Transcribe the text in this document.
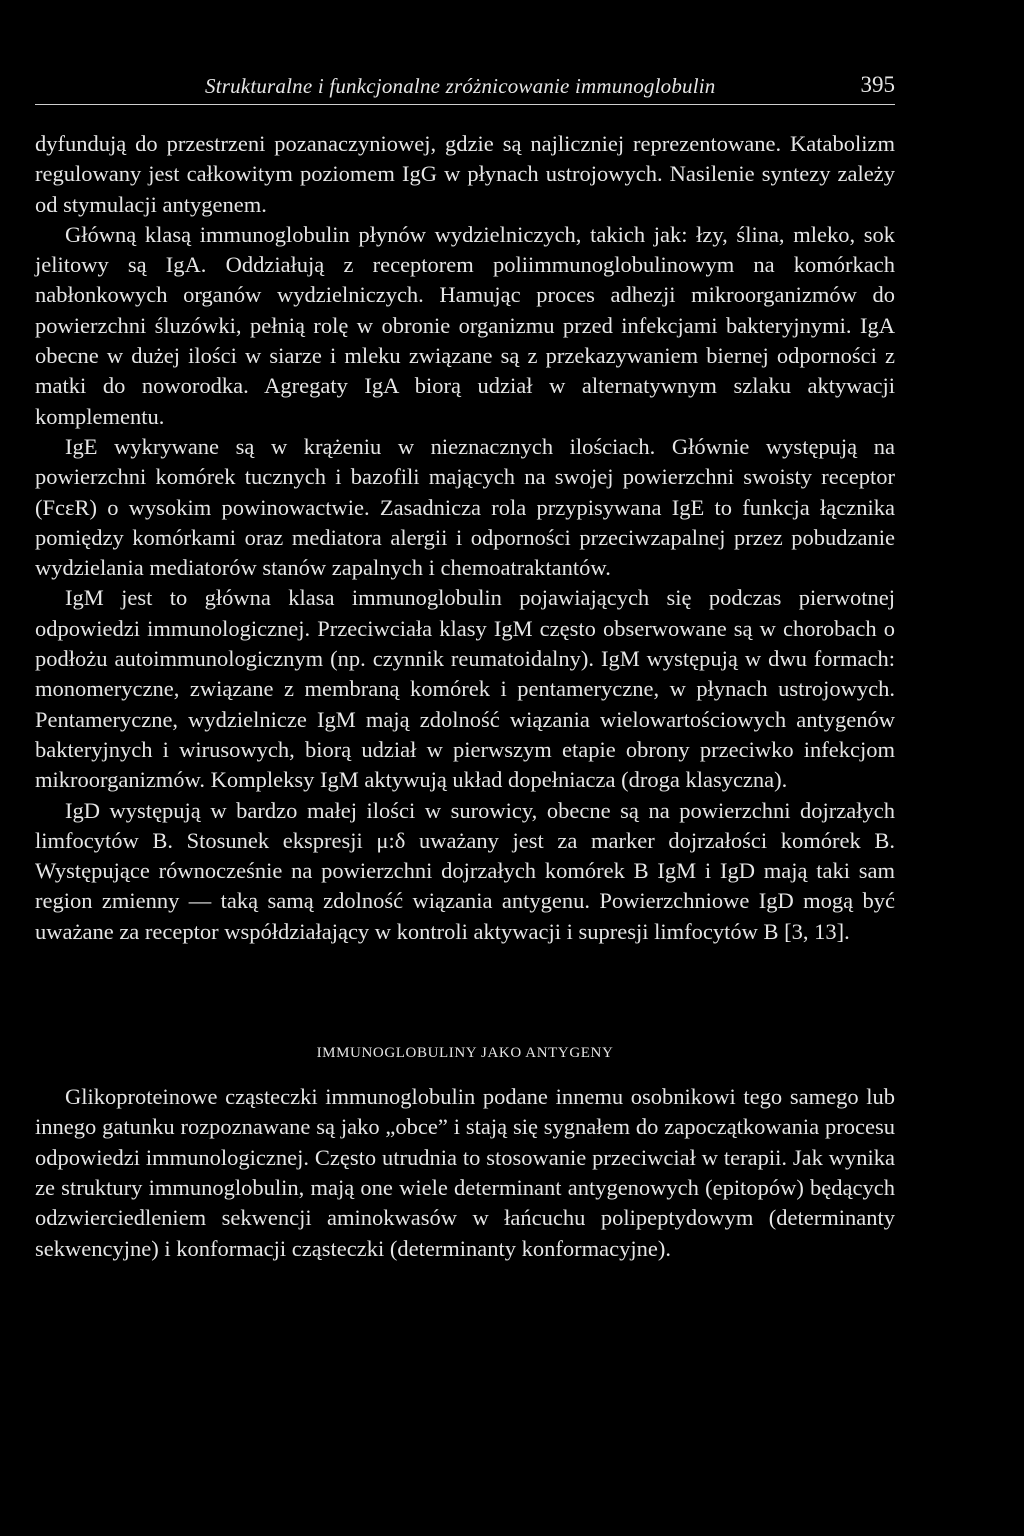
Strukturalne i funkcjonalne zróżnicowanie immunoglobulin	395

dyfundują do przestrzeni pozanaczyniowej, gdzie są najliczniej reprezentowane. Katabolizm regulowany jest całkowitym poziomem IgG w płynach ustrojowych. Nasilenie syntezy zależy od stymulacji antygenem.

Główną klasą immunoglobulin płynów wydzielniczych, takich jak: łzy, ślina, mleko, sok jelitowy są IgA. Oddziałują z receptorem poliimmunoglobulinowym na komórkach nabłonkowych organów wydzielniczych. Hamując proces adhezji mikroorganizmów do powierzchni śluzówki, pełnią rolę w obronie organizmu przed infekcjami bakteryjnymi. IgA obecne w dużej ilości w siarze i mleku związane są z przekazywaniem biernej odporności z matki do noworodka. Agregaty IgA biorą udział w alternatywnym szlaku aktywacji komplementu.

IgE wykrywane są w krążeniu w nieznacznych ilościach. Głównie występują na powierzchni komórek tucznych i bazofili mających na swojej powierzchni swoisty receptor (FcεR) o wysokim powinowactwie. Zasadnicza rola przypisywana IgE to funkcja łącznika pomiędzy komórkami oraz mediatora alergii i odporności przeciwzapalnej przez pobudzanie wydzielania mediatorów stanów zapalnych i chemoatraktantów.

IgM jest to główna klasa immunoglobulin pojawiających się podczas pierwotnej odpowiedzi immunologicznej. Przeciwciała klasy IgM często obserwowane są w chorobach o podłożu autoimmunologicznym (np. czynnik reumatoidalny). IgM występują w dwu formach: monomeryczne, związane z membraną komórek i pentameryczne, w płynach ustrojowych. Pentameryczne, wydzielnicze IgM mają zdolność wiązania wielowartościowych antygenów bakteryjnych i wirusowych, biorą udział w pierwszym etapie obrony przeciwko infekcjom mikroorganizmów. Kompleksy IgM aktywują układ dopełniacza (droga klasyczna).

IgD występują w bardzo małej ilości w surowicy, obecne są na powierzchni dojrzałych limfocytów B. Stosunek ekspresji μ:δ uważany jest za marker dojrzałości komórek B. Występujące równocześnie na powierzchni dojrzałych komórek B IgM i IgD mają taki sam region zmienny — taką samą zdolność wiązania antygenu. Powierzchniowe IgD mogą być uważane za receptor współdziałający w kontroli aktywacji i supresji limfocytów B [3, 13].

IMMUNOGLOBULINY JAKO ANTYGENY

Glikoproteinowe cząsteczki immunoglobulin podane innemu osobnikowi tego samego lub innego gatunku rozpoznawane są jako „obce” i stają się sygnałem do zapoczątkowania procesu odpowiedzi immunologicznej. Często utrudnia to stosowanie przeciwciał w terapii. Jak wynika ze struktury immunoglobulin, mają one wiele determinant antygenowych (epitopów) będących odzwierciedleniem sekwencji aminokwasów w łańcuchu polipeptydowym (determinanty sekwencyjne) i konformacji cząsteczki (determinanty konformacyjne).
